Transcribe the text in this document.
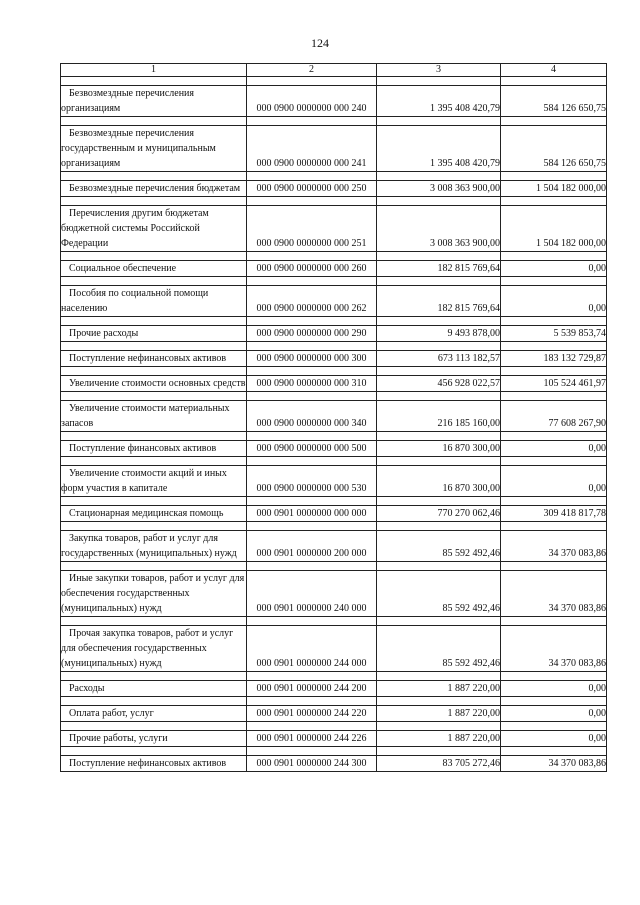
124
1	2	3	4

Безвозмездные перечисления организациям	000 0900 0000000 000 240	1 395 408 420,79	584 126 650,75

Безвозмездные перечисления государственным и муниципальным организациям	000 0900 0000000 000 241	1 395 408 420,79	584 126 650,75

Безвозмездные перечисления бюджетам	000 0900 0000000 000 250	3 008 363 900,00	1 504 182 000,00

Перечисления другим бюджетам бюджетной системы Российской Федерации	000 0900 0000000 000 251	3 008 363 900,00	1 504 182 000,00

Социальное обеспечение	000 0900 0000000 000 260	182 815 769,64	0,00

Пособия по социальной помощи населению	000 0900 0000000 000 262	182 815 769,64	0,00

Прочие расходы	000 0900 0000000 000 290	9 493 878,00	5 539 853,74

Поступление нефинансовых активов	000 0900 0000000 000 300	673 113 182,57	183 132 729,87

Увеличение стоимости основных средств	000 0900 0000000 000 310	456 928 022,57	105 524 461,97

Увеличение стоимости материальных запасов	000 0900 0000000 000 340	216 185 160,00	77 608 267,90

Поступление финансовых активов	000 0900 0000000 000 500	16 870 300,00	0,00

Увеличение стоимости акций и иных форм участия в капитале	000 0900 0000000 000 530	16 870 300,00	0,00

Стационарная медицинская помощь	000 0901 0000000 000 000	770 270 062,46	309 418 817,78

Закупка товаров, работ и услуг для государственных (муниципальных) нужд	000 0901 0000000 200 000	85 592 492,46	34 370 083,86

Иные закупки товаров, работ и услуг для обеспечения государственных (муниципальных) нужд	000 0901 0000000 240 000	85 592 492,46	34 370 083,86

Прочая закупка товаров, работ и услуг для обеспечения государственных (муниципальных) нужд	000 0901 0000000 244 000	85 592 492,46	34 370 083,86

Расходы	000 0901 0000000 244 200	1 887 220,00	0,00

Оплата работ, услуг	000 0901 0000000 244 220	1 887 220,00	0,00

Прочие работы, услуги	000 0901 0000000 244 226	1 887 220,00	0,00

Поступление нефинансовых активов	000 0901 0000000 244 300	83 705 272,46	34 370 083,86
